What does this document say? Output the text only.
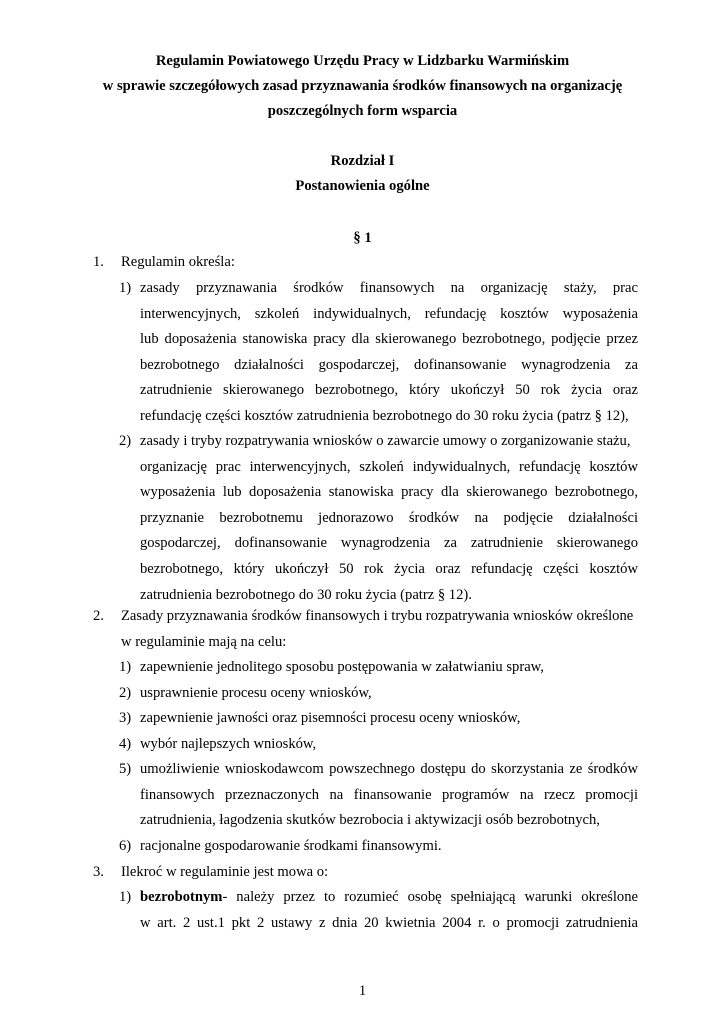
Regulamin Powiatowego Urzędu Pracy w Lidzbarku Warmińskim
w sprawie szczegółowych zasad przyznawania środków finansowych na organizację
poszczególnych form wsparcia
Rozdział I
Postanowienia ogólne
§ 1
1. Regulamin określa:
1) zasady przyznawania środków finansowych na organizację staży, prac
interwencyjnych, szkoleń indywidualnych, refundację kosztów wyposażenia
lub doposażenia stanowiska pracy dla skierowanego bezrobotnego, podjęcie przez
bezrobotnego działalności gospodarczej, dofinansowanie wynagrodzenia za
zatrudnienie skierowanego bezrobotnego, który ukończył 50 rok życia oraz
refundację części kosztów zatrudnienia bezrobotnego do 30 roku życia (patrz § 12),
2) zasady i tryby rozpatrywania wniosków o zawarcie umowy o zorganizowanie stażu,
organizację prac interwencyjnych, szkoleń indywidualnych, refundację kosztów
wyposażenia lub doposażenia stanowiska pracy dla skierowanego bezrobotnego,
przyznanie bezrobotnemu jednorazowo środków na podjęcie działalności
gospodarczej, dofinansowanie wynagrodzenia za zatrudnienie skierowanego
bezrobotnego, który ukończył 50 rok życia oraz refundację części kosztów
zatrudnienia bezrobotnego do 30 roku życia (patrz § 12).
2. Zasady przyznawania środków finansowych i trybu rozpatrywania wniosków określone
w regulaminie mają na celu:
1) zapewnienie jednolitego sposobu postępowania w załatwianiu spraw,
2) usprawnienie procesu oceny wniosków,
3) zapewnienie jawności oraz pisemności procesu oceny wniosków,
4) wybór najlepszych wniosków,
5) umożliwienie wnioskodawcom powszechnego dostępu do skorzystania ze środków
finansowych przeznaczonych na finansowanie programów na rzecz promocji
zatrudnienia, łagodzenia skutków bezrobocia i aktywizacji osób bezrobotnych,
6) racjonalne gospodarowanie środkami finansowymi.
3. Ilekroć w regulaminie jest mowa o:
1) bezrobotnym- należy przez to rozumieć osobę spełniającą warunki określone
w art. 2 ust.1 pkt 2 ustawy z dnia 20 kwietnia 2004 r. o promocji zatrudnienia
1
